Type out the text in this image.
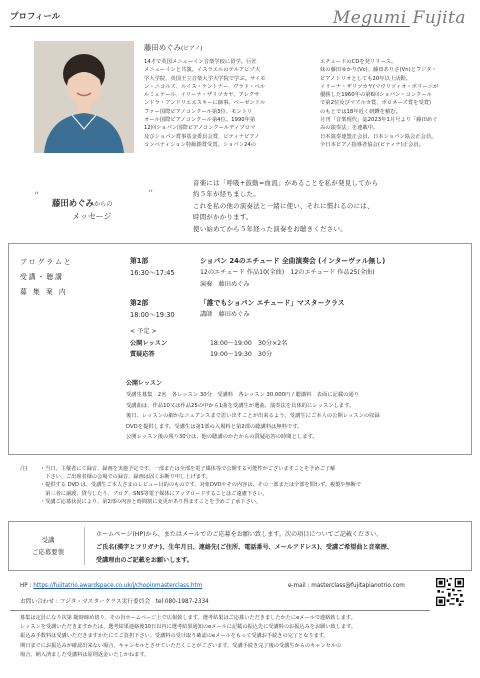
プロフィール	Megumi Fujita
藤田めぐみ(ピアノ)

14才で英国メニューイン音楽学校に留学。巨匠

メニューインと共演。イスラエルのテルアビブ大

学大学院、英国王立音楽大学大学院で学ぶ。サイモ

ン・ニコルズ、ルイス・ケントナー、ヴラド・ペル

ルミュテール、イリーナ・ザリツカヤ、アレクサ

ンドラ・アンドリエエスキーに師事。ベーゼンドル

ファー国際ピアノコンクール第3位、モントリ

オール国際ピアノコンクール第4位。1990年第

12回ショパン国際ピアノコンクールディプロマ

及びショパン賞事基金委員会賞、ビティナピアノ

コンペティション特級銀賞受賞。ショパン24の

エチュードのCDを発リリース。

妹の藤田ゆかり(Vc)、藤田ありさ(Vn)とフジタ・

ピアノトリオとしても20年以上活動。

イリーナ・ザリツカヤ(マウリツィオ・ポリーニが

優勝した1960年の第6回ショパン・コンクール

で第2位及びマズルカ賞、ポロネーズ賞を受賞)

のもとでは18年近く研鑽を積む。

月刊「音楽現代」誌2023年1月号より「藤田めぐ

みの演奏法」を連載中。

日本演奏連盟正会員、日本ショパン協会正会員。

全日本ピアノ指導者協会(ピティナ)正会員。

“
藤田めぐみからの
”
メッセージ

音楽には「呼吸+鼓動=血流」があることを私が発見してから

約５年が経ちました。

これを私の他の演奏法と一緒に使い、それに慣れるのには、

時間がかかります。

使い始めてから５年経った演奏をお聴きください。

プログラムと

受講・聴講

募 集 案 内

第1部
16:30～17:45
ショパン 24のエチュード 全曲演奏会 (インターヴァル無し)
12のエチュード 作品10(全曲)　12のエチュード 作品25(全曲)
演奏　藤田めぐみ
第2部
18:00～19:30
「誰でもショパン エチュード」マスタークラス
講師　藤田めぐみ
< 予定 >
公開レッスン	18:00～19:00　30分×2名
質疑応答	19:00～19:30　30分
公開レッスン

受講生募集　2名　各レッスン 30分　受講料　各レッスン 30,000円 / 聴講料　表面に記載の通り

受講曲は、作品10又は作品25の中から1曲を受講生が選曲。演奏法を具体的にレッスンします。

後日、レッスンの細かなニュアンスまで思い出すことが出来るよう、受講生にご本人の公開レッスンの収録

DVDを提供します。受講生は第1部の入場料と第2部の聴講料は無料です。

公開レッスン後の残り30分は、他の聴講のかたからの質疑応答の時間とします。

注)	・当日、主催者にて録音、録画を実施予定です。一部または全部を電子媒体等で公開する可能性がございますことを予めご了解
　下さい。ご出席者様の会場での録音、録画は固くお断り申し上げます。
・提供する DVD は、受講生ご本人さまのレビュー目的のものです。対象DVDやその内容は、その一部または全部を問わず、複製や無断で
　第三者に譲渡、貸与したり、ブログ、SNS等電子媒体にアップロードすることはご遠慮下さい。
・受講ご応募状況により、第2部の内容と時間割に変更があり得ますことを予めご了承下さい。

受講

ご応募要領

ホームページ(HP)から、またはメールでのご応募をお願い致します。次の項目についてご記載ください。

ご氏名(漢字とフリガナ)、生年月日、連絡先(ご住所、電話番号、メールアドレス)、受講ご希望曲と音楽歴、

受講理由のご記載をお願いします。

HP : https://fujitatrio.awardspace.co.uk/j/chopinmasterclass.htm	e-mail : masterclass@fujitapianotrio.com
お問い合わせ : フジタ・マスタークラス実行委員会　tel 080-1987-2334

募集は定員になり次第 随時締め切り、その旨ホームページ上で広報致します。選考結果はご応募いただきましたかたにeメールで連絡致します。

レッスンを受講いただきますかたは、選考結果連絡後10日以内に選考結果通知のeメールに記載の振込先に受講料のお振込みをお願い致します。

振込み手数料は受講いただきますかたにてご負担下さい。受講料の受け取り確認のeメールをもって受講お手続きの完了となります。

期日までにお振込みが確認出来ない場合、キャンセルとさせていただくことがございます。受講手続き完了後の受講生からのキャンセルの

場合、納入済ました受講料は原則返金いたしかねます。
